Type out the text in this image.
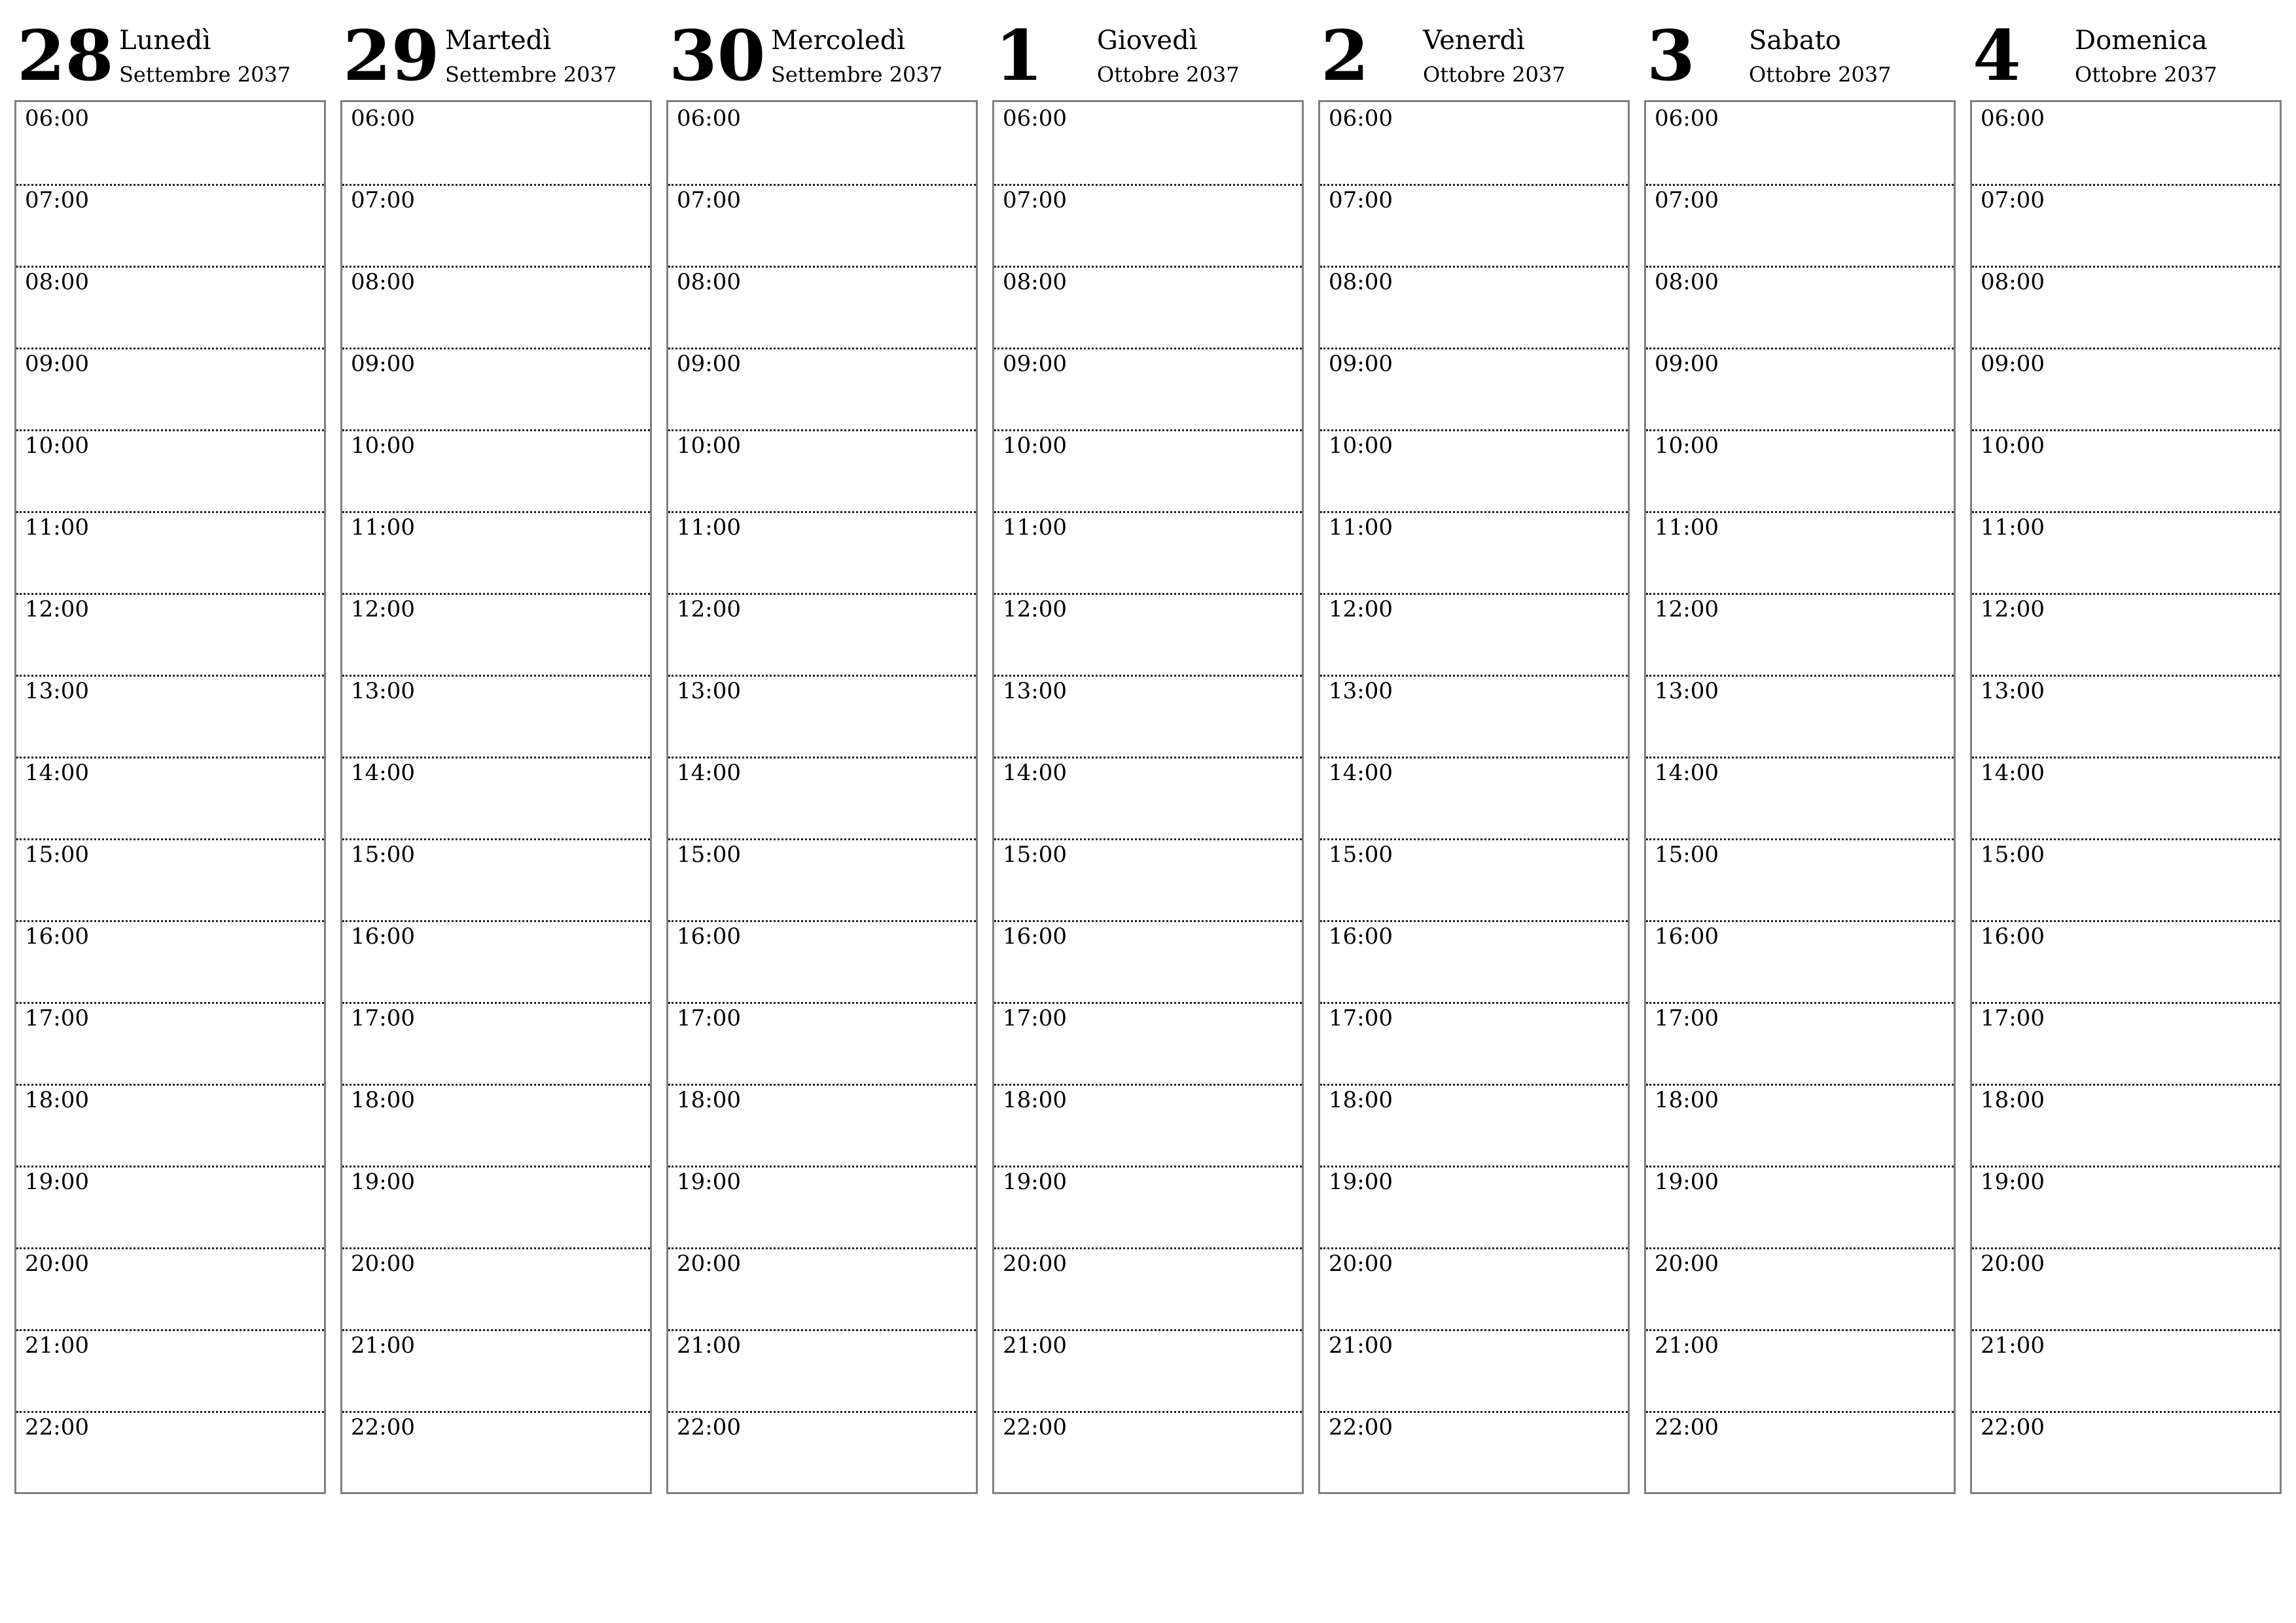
28 Lunedì
Settembre 2037
06:00
07:00
08:00
09:00
10:00
11:00
12:00
13:00
14:00
15:00
16:00
17:00
18:00
19:00
20:00
21:00
22:00
29 Martedì
Settembre 2037
06:00
07:00
08:00
09:00
10:00
11:00
12:00
13:00
14:00
15:00
16:00
17:00
18:00
19:00
20:00
21:00
22:00
30 Mercoledì
Settembre 2037
06:00
07:00
08:00
09:00
10:00
11:00
12:00
13:00
14:00
15:00
16:00
17:00
18:00
19:00
20:00
21:00
22:00
1 Giovedì
Ottobre 2037
06:00
07:00
08:00
09:00
10:00
11:00
12:00
13:00
14:00
15:00
16:00
17:00
18:00
19:00
20:00
21:00
22:00
2 Venerdì
Ottobre 2037
06:00
07:00
08:00
09:00
10:00
11:00
12:00
13:00
14:00
15:00
16:00
17:00
18:00
19:00
20:00
21:00
22:00
3 Sabato
Ottobre 2037
06:00
07:00
08:00
09:00
10:00
11:00
12:00
13:00
14:00
15:00
16:00
17:00
18:00
19:00
20:00
21:00
22:00
4 Domenica
Ottobre 2037
06:00
07:00
08:00
09:00
10:00
11:00
12:00
13:00
14:00
15:00
16:00
17:00
18:00
19:00
20:00
21:00
22:00
